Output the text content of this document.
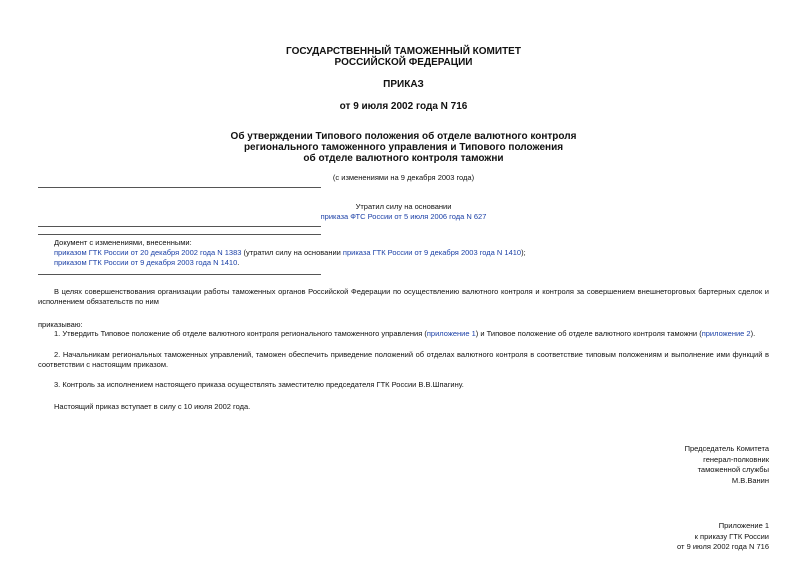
ГОСУДАРСТВЕННЫЙ ТАМОЖЕННЫЙ КОМИТЕТ
РОССИЙСКОЙ ФЕДЕРАЦИИ
ПРИКАЗ
от 9 июля 2002 года N 716
Об утверждении Типового положения об отделе валютного контроля
регионального таможенного управления и Типового положения
об отделе валютного контроля таможни
(с изменениями на 9 декабря 2003 года)
Утратил силу на основании
приказа ФТС России от 5 июля 2006 года N 627
Документ с изменениями, внесенными:
приказом ГТК России от 20 декабря 2002 года N 1383 (утратил силу на основании приказа ГТК России от 9 декабря 2003 года N 1410);
приказом ГТК России от 9 декабря 2003 года N 1410.
В целях совершенствования организации работы таможенных органов Российской Федерации по осуществлению валютного контроля и контроля за совершением внешнеторговых бартерных сделок и исполнением обязательств по ним
приказываю:
1. Утвердить Типовое положение об отделе валютного контроля регионального таможенного управления (приложение 1) и Типовое положение об отделе валютного контроля таможни (приложение 2).
2. Начальникам региональных таможенных управлений, таможен обеспечить приведение положений об отделах валютного контроля в соответствие типовым положениям и выполнение ими функций в соответствии с настоящим приказом.
3. Контроль за исполнением настоящего приказа осуществлять заместителю председателя ГТК России В.В.Шпагину.
Настоящий приказ вступает в силу с 10 июля 2002 года.
Председатель Комитета
генерал-полковник
таможенной службы
М.В.Ванин
Приложение 1
к приказу ГТК России
от 9 июля 2002 года N 716
